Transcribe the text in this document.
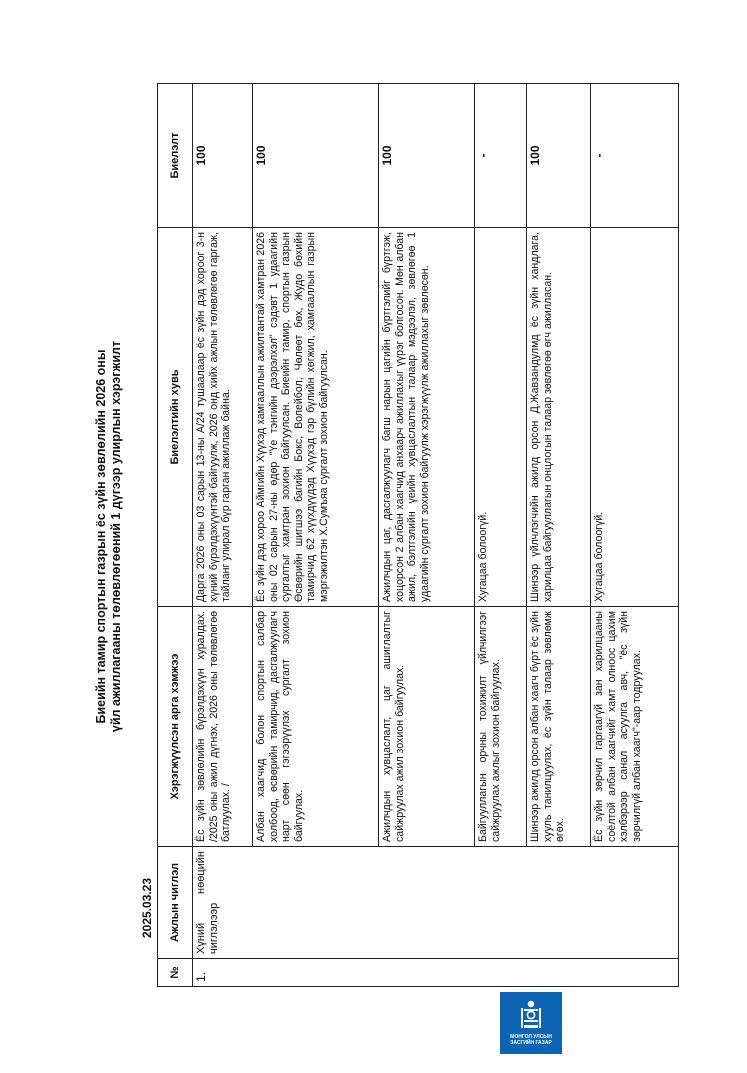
Биеийн тамир спортын газрын ёс зүйн зөвлөлийн 2026 оны үйл ажиллагааны төлөвлөгөөний 1 дүгээр улирлын хэрэгжилт
2025.03.23
№	Ажлын чиглэл	Хэрэгжүүлсэн арга хэмжээ	Биелэлтийн хувь	Биелэлт
1.	Хүний нөөцийн чиглэлээр	Ёс зүйн зөвлөлийн бүрэлдэхүүн хуралдах. /2025 оны ажил дүгнэх, 2026 оны төлөвлөгөө батлуулах. /	Дарга 2026 оны 03 сарын 13-ны А/24 тушаалаар ёс зүйн дэд хороог 3-н хүний бүрэлдэхүүнтэй байгуулж, 2026 онд хийх ажлын төлөвлөгөө гаргаж, тайланг улирал бүр гарган ажиллаж байна.	100
		Албан хаагчид болон спортын салбар холбоод, өсвөрийн тамирчид, дасгалжуулагч нарт сөөн гэгээрүүлэх сургалт зохион байгуулах.	Ёс зүйн дэд хороо Аймгийн Хүүхэд хамгааллын ажилтантай хамтран 2026 оны 02 сарын 27-ны өдөр "Үе тэнгийн дээрэлхэл" сэдэвт 1 удаагийн сургалтыг хамтран зохион байгуулсан. Биеийн тамир, спортын газрын Өсвөрийн шигшээ багийн Бокс, Волейбол, Чөлөөт бөх, Жудо бөхийн тамирчид 62 хүүхдүүдэд Хүүхэд гэр бүлийн хөгжил, хамгааллын газрын мэргэжилтэн Х.Сумъяа сургалт зохион байгуулсан.	100
		Ажилчдын хувцаслалт, цаг ашиглалтыг сайжруулах ажил зохион байгуулах.	Ажилчдын цаг, дасгалжуулагч багш нарын цагийн бүртгэлийг бүртгэж, хоцорсон 2 албан хаагчид анхаарч ажиллахыг үүрэг болгосон. Мөн албан ажил, бэлтгэлийн үеийн хувцаслалтын талаар мэдээлэл, зөвлөгөө 1 удаагийн сургалт зохион байгуулж хэрэгжүүлж ажиллахыг зөвлөсөн.	100
		Байгууллагын орчны тохижилт үйлчилгээг сайжруулах ажлыг зохион байгуулах.	Хугацаа болоогүй.	-
		Шинээр ажилд орсон албан хаагч бүрт ёс зүйн хууль танилцуулах, ёс зүйн талаар зөвлөмж өгөх.	Шинээр үйлчлэгчийн ажилд орсон Д.Жавзандулмд ёс зүйн хандлага, харилцаа байгууллагын онцлогын талаар зөвлөгөө өгч ажилласан.	100
		Ёс зүйн зөрчил гаргаагүй зан харилцааны соёлтой албан хаагчийг хамт олноос цахим хэлбэрээр санал асуулга авч, "ёс зүйн зөрчилгүй албан хаагч"-аар тодруулах.	Хугацаа болоогүй.	-
МОНГОЛ УЛСЫН
ЗАСГИЙН ГАЗАР
